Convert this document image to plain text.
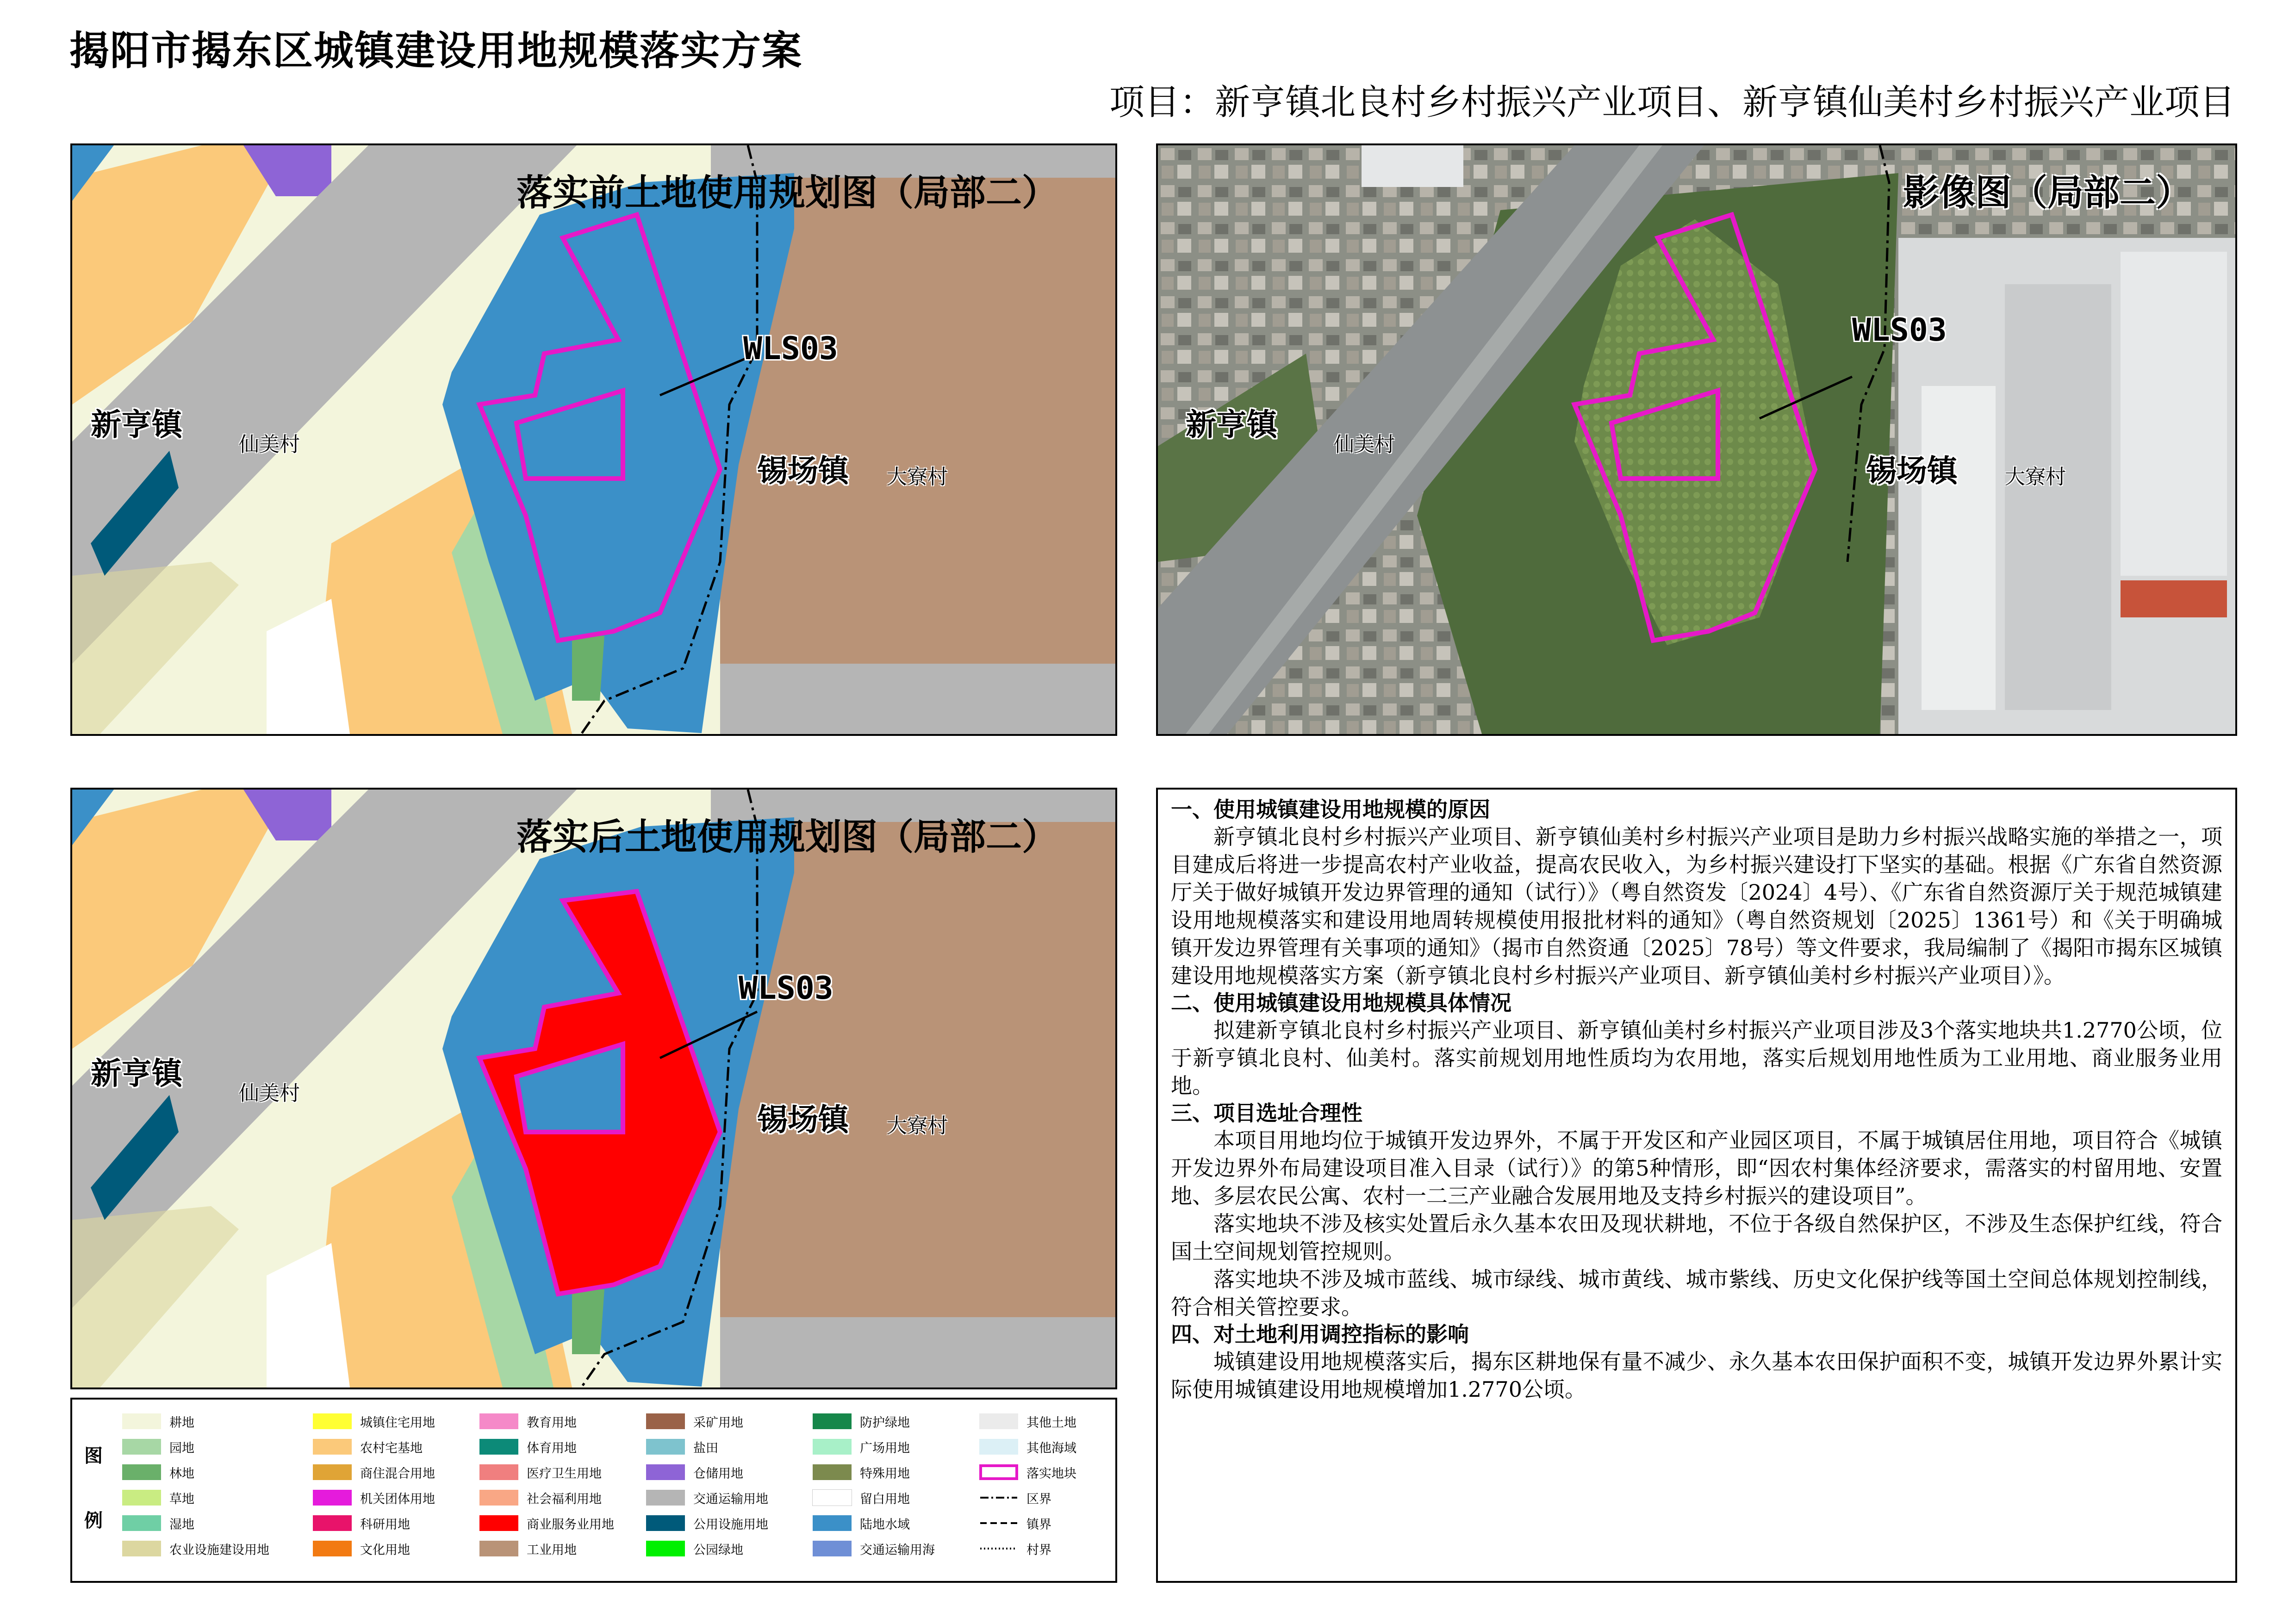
揭阳市揭东区城镇建设用地规模落实方案
项目：新亨镇北良村乡村振兴产业项目、新亨镇仙美村乡村振兴产业项目
落实前土地使用规划图（局部二）
WLS03
新亨镇
仙美村
锡场镇 大寮村
影像图（局部二）
WLS03
新亨镇
仙美村
锡场镇 大寮村
落实后土地使用规划图（局部二）
WLS03
新亨镇
仙美村
锡场镇 大寮村
一、使用城镇建设用地规模的原因

新亨镇北良村乡村振兴产业项目、新亨镇仙美村乡村振兴产业项目是助力乡村振兴战略实施的举措之一，项目建成后将进一步提高农村产业收益，提高农民收入，为乡村振兴建设打下坚实的基础。根据《广东省自然资源厅关于做好城镇开发边界管理的通知（试行）》（粤自然资发〔2024〕4号）、《广东省自然资源厅关于规范城镇建设用地规模落实和建设用地周转规模使用报批材料的通知》（粤自然资规划〔2025〕1361号）和《关于明确城镇开发边界管理有关事项的通知》（揭市自然资通〔2025〕78号）等文件要求，我局编制了《揭阳市揭东区城镇建设用地规模落实方案（新亨镇北良村乡村振兴产业项目、新亨镇仙美村乡村振兴产业项目）》。

二、使用城镇建设用地规模具体情况

拟建新亨镇北良村乡村振兴产业项目、新亨镇仙美村乡村振兴产业项目涉及3个落实地块共1.2770公顷，位于新亨镇北良村、仙美村。落实前规划用地性质均为农用地，落实后规划用地性质为工业用地、商业服务业用地。

三、项目选址合理性

本项目用地均位于城镇开发边界外，不属于开发区和产业园区项目，不属于城镇居住用地，项目符合《城镇开发边界外布局建设项目准入目录（试行）》的第5种情形，即“因农村集体经济要求，需落实的村留用地、安置地、多层农民公寓、农村一二三产业融合发展用地及支持乡村振兴的建设项目”。

落实地块不涉及核实处置后永久基本农田及现状耕地，不位于各级自然保护区，不涉及生态保护红线，符合国土空间规划管控规则。

落实地块不涉及城市蓝线、城市绿线、城市黄线、城市紫线、历史文化保护线等国土空间总体规划控制线，符合相关管控要求。

四、对土地利用调控指标的影响

城镇建设用地规模落实后，揭东区耕地保有量不减少、永久基本农田保护面积不变，城镇开发边界外累计实际使用城镇建设用地规模增加1.2770公顷。

图
例
耕地
园地
林地
草地
湿地
农业设施建设用地
城镇住宅用地
农村宅基地
商住混合用地
机关团体用地
科研用地
文化用地
教育用地
体育用地
医疗卫生用地
社会福利用地
商业服务业用地
工业用地
采矿用地
盐田
仓储用地
交通运输用地
公用设施用地
公园绿地
防护绿地
广场用地
特殊用地
留白用地
陆地水域
交通运输用海
其他土地
其他海域
落实地块
区界
镇界
村界
